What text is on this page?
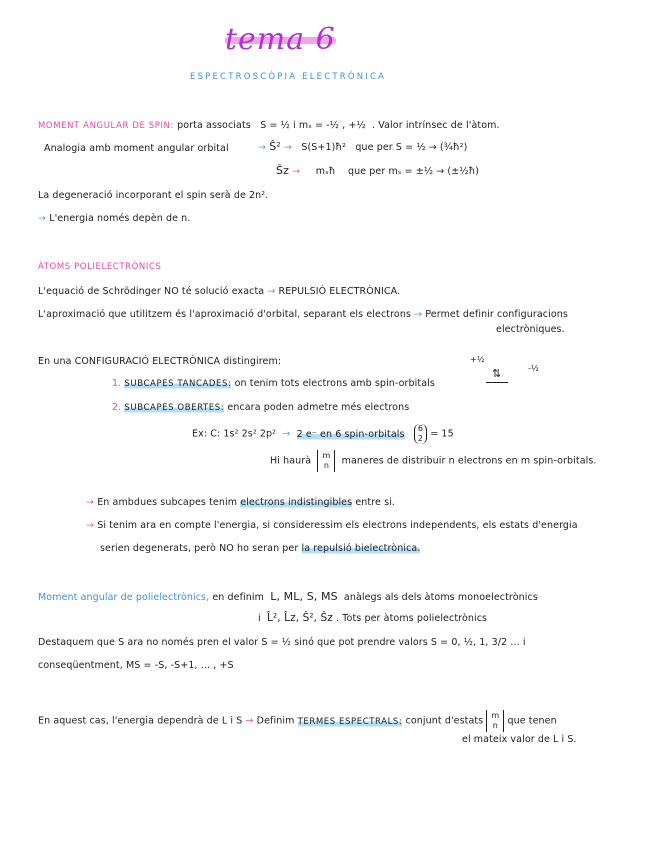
tema 6
ESPECTROSCÒPIA ELECTRÒNICA
MOMENT ANGULAR DE SPIN: porta associats S = ½ i mₛ = -½ , +½ . Valor intrínsec de l'àtom.
Analogia amb moment angular orbital	→ Ŝ² → S(S+1)ħ² que per S = ½ → (¾ħ²)
Ŝz → mₛħ que per mₛ = ±½ → (±½ħ)
La degeneració incorporant el spin serà de 2n².
→ L'energia només depèn de n.
ÀTOMS POLIELECTRÒNICS
L'equació de Schrödinger NO té solució exacta → REPULSIÓ ELECTRÒNICA.
L'aproximació que utilitzem és l'aproximació d'orbital, separant els electrons → Permet definir configuracions
electròniques.
En una CONFIGURACIÓ ELECTRÒNICA distingirem:	+½
-½
⇅
1. SUBCAPES TANCADES: on tenim tots electrons amb spin-orbitals
2. SUBCAPES OBERTES: encara poden admetre més electrons
Ex: C: 1s² 2s² 2p² → 2 e⁻ en 6 spin-orbitals 6
2 = 15
Hi haurà m
n maneres de distribuir n electrons en m spin-orbitals.
→ En ambdues subcapes tenim electrons indistingibles entre si.
→ Si tenim ara en compte l'energia, si consideressim els electrons independents, els estats d'energia
serien degenerats, però NO ho seran per la repulsió bielectrònica.
Moment angular de polielectrònics, en definim L, ML, S, MS anàlegs als dels àtoms monoelectrònics
i L̂², L̂z, Ŝ², Ŝz . Tots per àtoms polielectrònics
Destaquem que S ara no només pren el valor S = ½ sinó que pot prendre valors S = 0, ½, 1, 3/2 ... i
conseqüentment, MS = -S, -S+1, ... , +S
En aquest cas, l'energia dependrà de L i S → Definim TERMES ESPECTRALS: conjunt d'estats m
n que tenen
el mateix valor de L i S.
